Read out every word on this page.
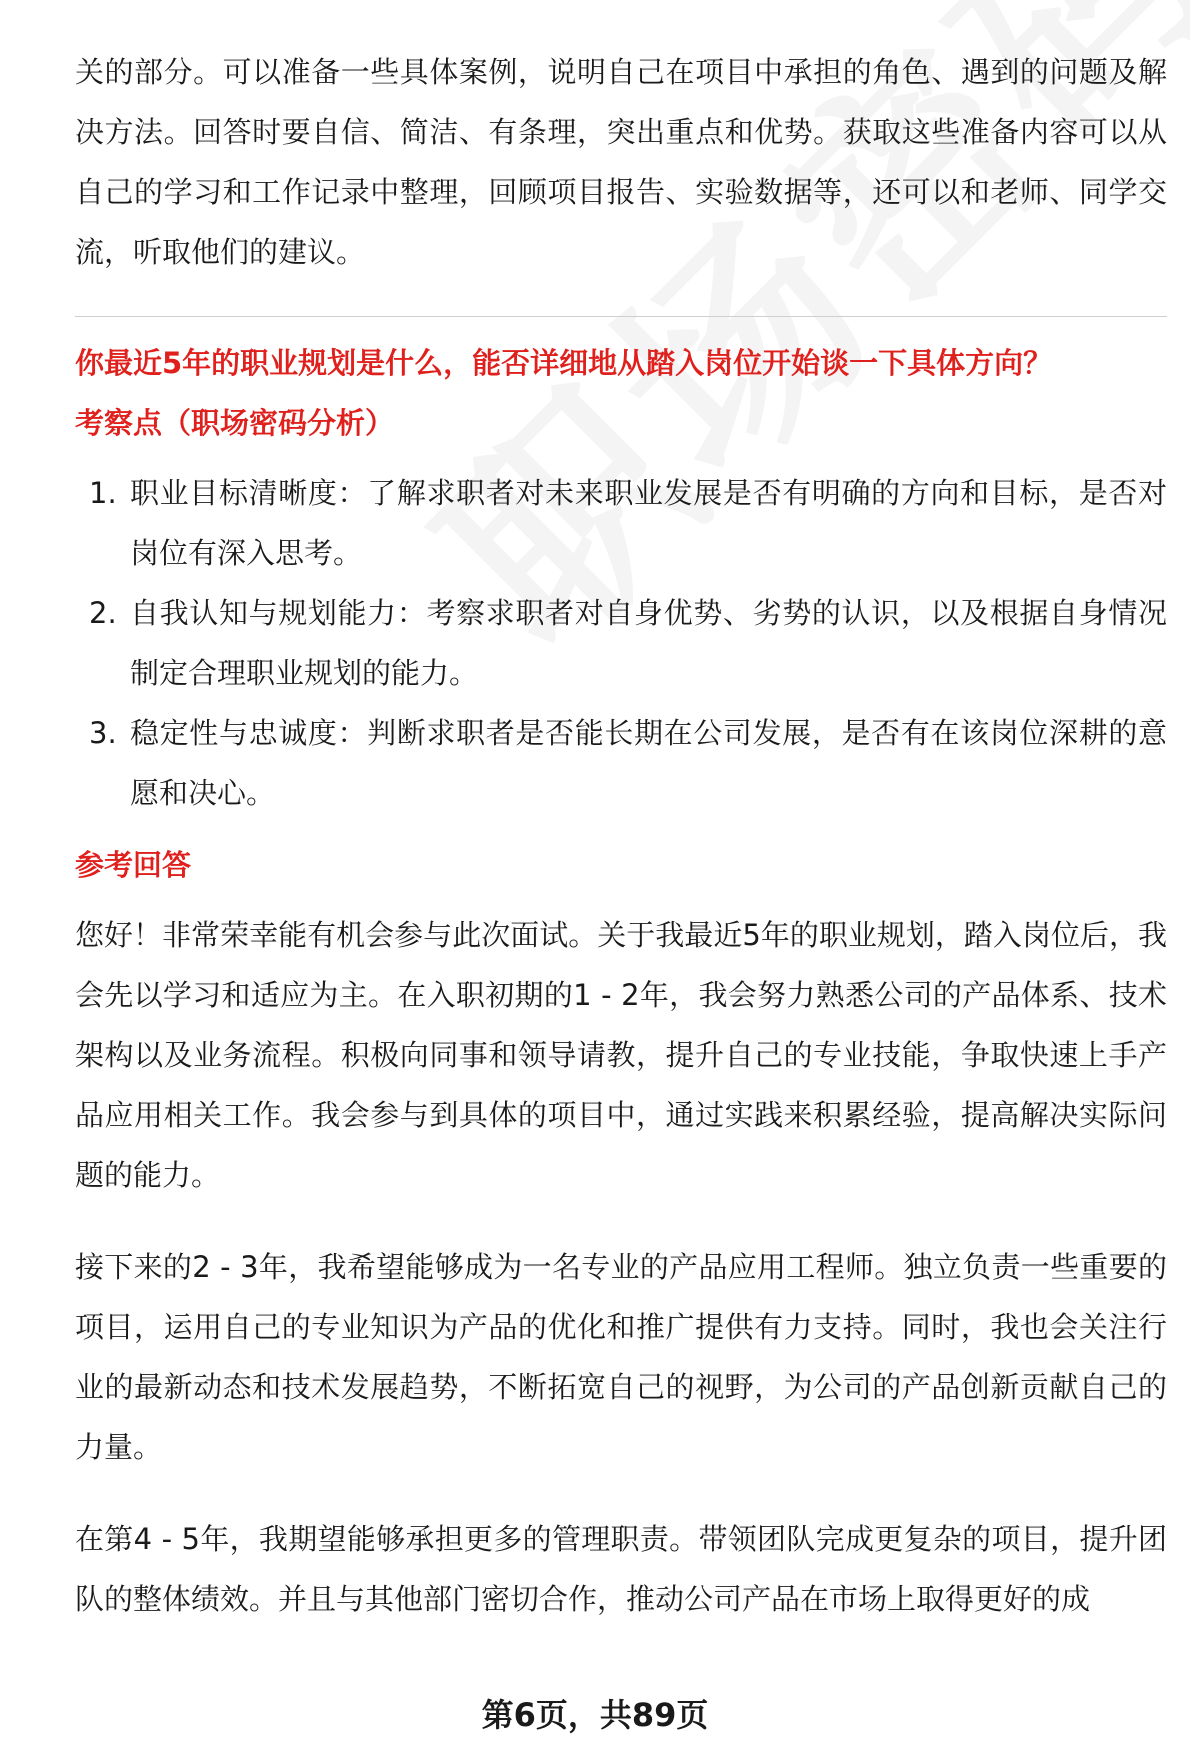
关的部分。可以准备一些具体案例，说明自己在项目中承担的角色、遇到的问题及解决方法。回答时要自信、简洁、有条理，突出重点和优势。获取这些准备内容可以从自己的学习和工作记录中整理，回顾项目报告、实验数据等，还可以和老师、同学交流，听取他们的建议。

你最近5年的职业规划是什么，能否详细地从踏入岗位开始谈一下具体方向？

考察点（职场密码分析）

1. 职业目标清晰度：了解求职者对未来职业发展是否有明确的方向和目标，是否对岗位有深入思考。
2. 自我认知与规划能力：考察求职者对自身优势、劣势的认识，以及根据自身情况制定合理职业规划的能力。
3. 稳定性与忠诚度：判断求职者是否能长期在公司发展，是否有在该岗位深耕的意愿和决心。

参考回答

您好！非常荣幸能有机会参与此次面试。关于我最近5年的职业规划，踏入岗位后，我会先以学习和适应为主。在入职初期的1 - 2年，我会努力熟悉公司的产品体系、技术架构以及业务流程。积极向同事和领导请教，提升自己的专业技能，争取快速上手产品应用相关工作。我会参与到具体的项目中，通过实践来积累经验，提高解决实际问题的能力。

接下来的2 - 3年，我希望能够成为一名专业的产品应用工程师。独立负责一些重要的项目，运用自己的专业知识为产品的优化和推广提供有力支持。同时，我也会关注行业的最新动态和技术发展趋势，不断拓宽自己的视野，为公司的产品创新贡献自己的力量。

在第4 - 5年，我期望能够承担更多的管理职责。带领团队完成更复杂的项目，提升团队的整体绩效。并且与其他部门密切合作，推动公司产品在市场上取得更好的成

第6页，共89页
